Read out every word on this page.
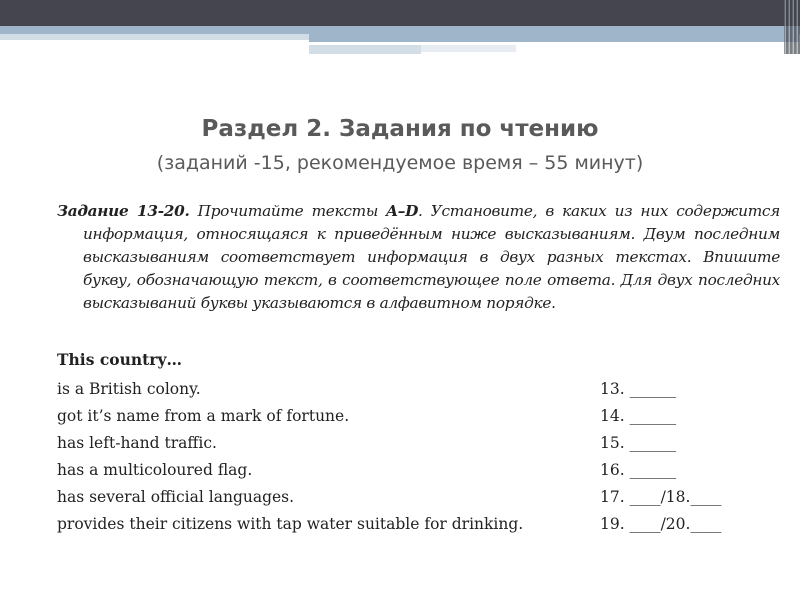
Раздел 2. Задания по чтению
(заданий -15, рекомендуемое время – 55 минут)
Задание 13-20. Прочитайте тексты A–D. Установите, в каких из них содержится информация, относящаяся к приведённым ниже высказываниям. Двум последним высказываниям соответствует информация в двух разных текстах. Впишите букву, обозначающую текст, в соответствующее поле ответа. Для двух последних высказываний буквы указываются в алфавитном порядке.
This country…
is a British colony.	13. ______
got it’s name from a mark of fortune.	14. ______
has left-hand traffic.	15. ______
has a multicoloured flag.	16. ______
has several official languages.	17. ____/18.____
provides their citizens with tap water suitable for drinking.	19. ____/20.____
